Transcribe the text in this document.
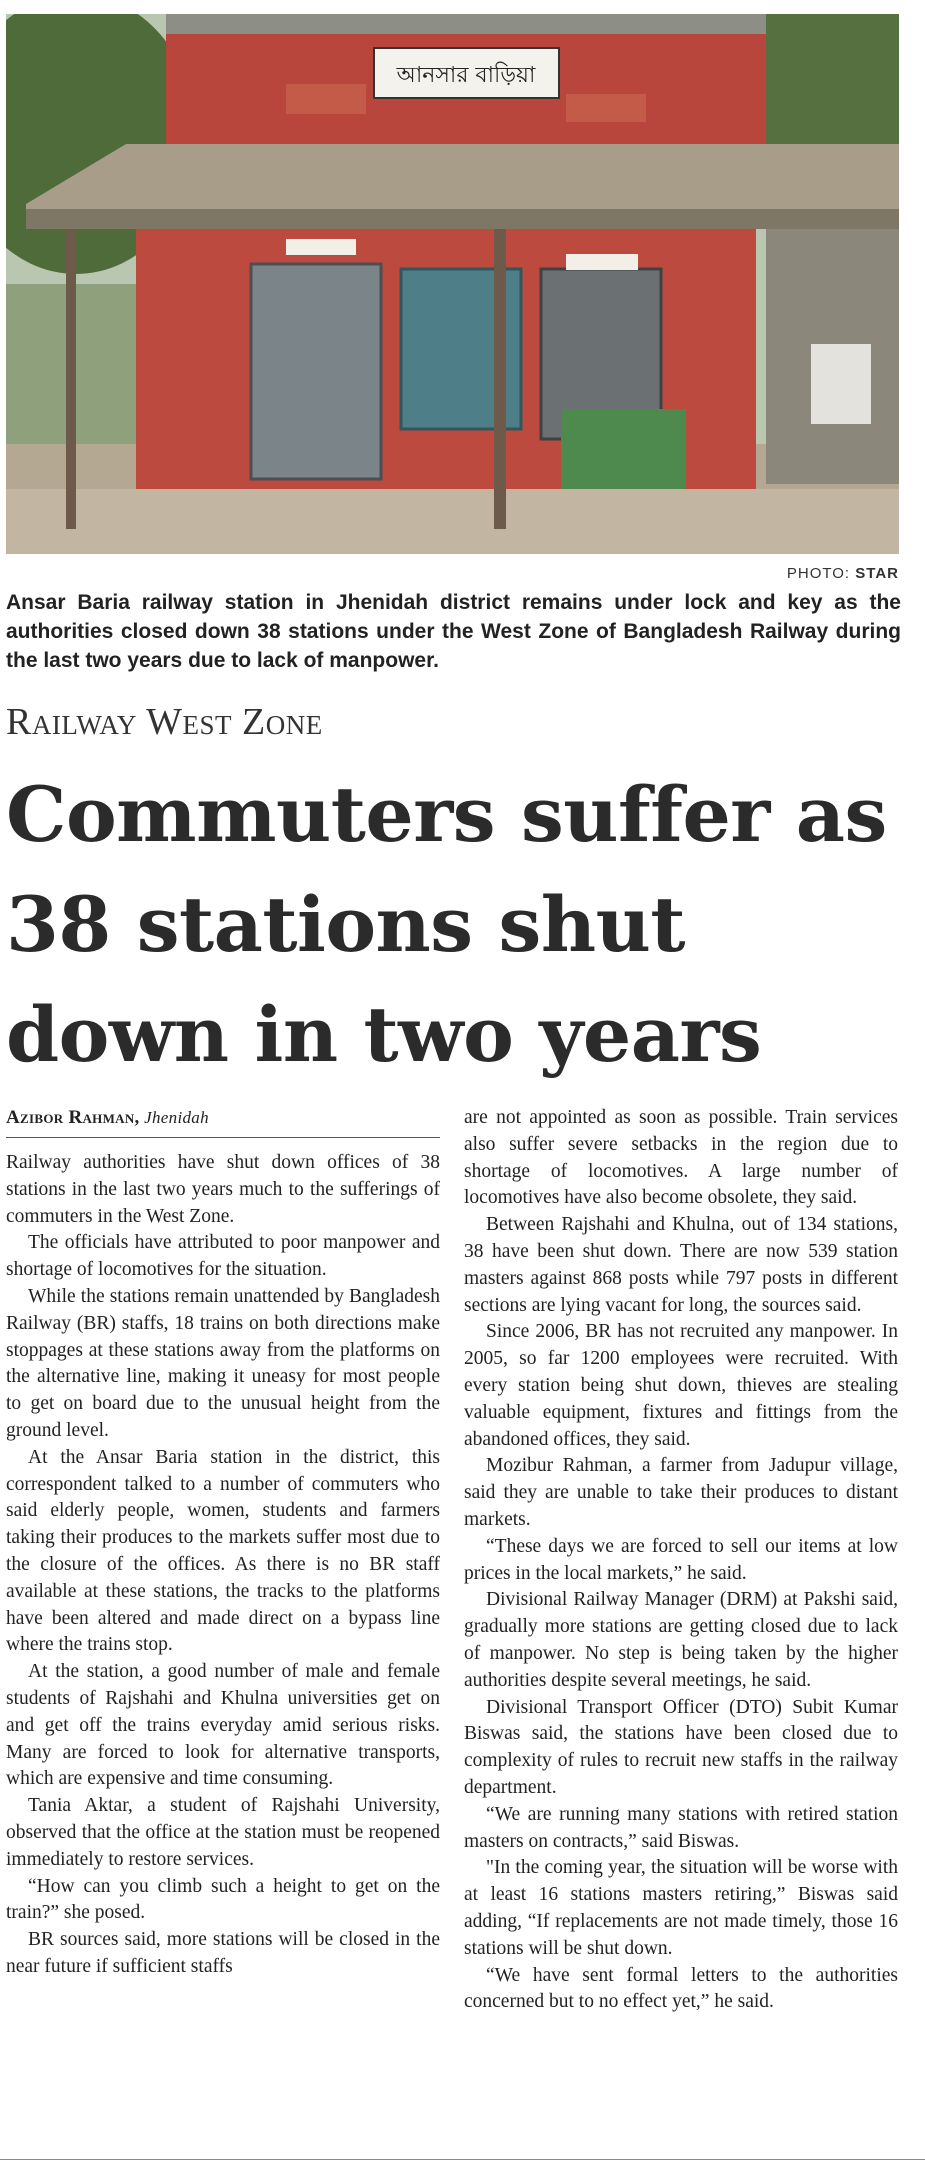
আনসার বাড়িয়া
PHOTO: STAR
Ansar Baria railway station in Jhenidah district remains under lock and key as the authorities closed down 38 stations under the West Zone of Bangladesh Railway during the last two years due to lack of manpower.
Railway West Zone
Commuters suffer as 38 stations shut down in two years
Azibor Rahman, Jhenidah

Railway authorities have shut down offices of 38 stations in the last two years much to the sufferings of commuters in the West Zone.

The officials have attributed to poor manpower and shortage of locomotives for the situation.

While the stations remain unattended by Bangladesh Railway (BR) staffs, 18 trains on both directions make stoppages at these stations away from the platforms on the alternative line, making it uneasy for most people to get on board due to the unusual height from the ground level.

At the Ansar Baria station in the district, this correspondent talked to a number of commuters who said elderly people, women, students and farmers taking their produces to the markets suffer most due to the closure of the offices. As there is no BR staff available at these stations, the tracks to the platforms have been altered and made direct on a bypass line where the trains stop.

At the station, a good number of male and female students of Rajshahi and Khulna universities get on and get off the trains everyday amid serious risks. Many are forced to look for alternative transports, which are expensive and time consuming.

Tania Aktar, a student of Rajshahi University, observed that the office at the station must be reopened immediately to restore services.

“How can you climb such a height to get on the train?” she posed.

BR sources said, more stations will be closed in the near future if sufficient staffs

are not appointed as soon as possible. Train services also suffer severe setbacks in the region due to shortage of locomotives. A large number of locomotives have also become obsolete, they said.

Between Rajshahi and Khulna, out of 134 stations, 38 have been shut down. There are now 539 station masters against 868 posts while 797 posts in different sections are lying vacant for long, the sources said.

Since 2006, BR has not recruited any manpower. In 2005, so far 1200 employees were recruited. With every station being shut down, thieves are stealing valuable equipment, fixtures and fittings from the abandoned offices, they said.

Mozibur Rahman, a farmer from Jadupur village, said they are unable to take their produces to distant markets.

“These days we are forced to sell our items at low prices in the local markets,” he said.

Divisional Railway Manager (DRM) at Pakshi said, gradually more stations are getting closed due to lack of manpower. No step is being taken by the higher authorities despite several meetings, he said.

Divisional Transport Officer (DTO) Subit Kumar Biswas said, the stations have been closed due to complexity of rules to recruit new staffs in the railway department.

“We are running many stations with retired station masters on contracts,” said Biswas.

"In the coming year, the situation will be worse with at least 16 stations masters retiring,” Biswas said adding, “If replacements are not made timely, those 16 stations will be shut down.

“We have sent formal letters to the authorities concerned but to no effect yet,” he said.
